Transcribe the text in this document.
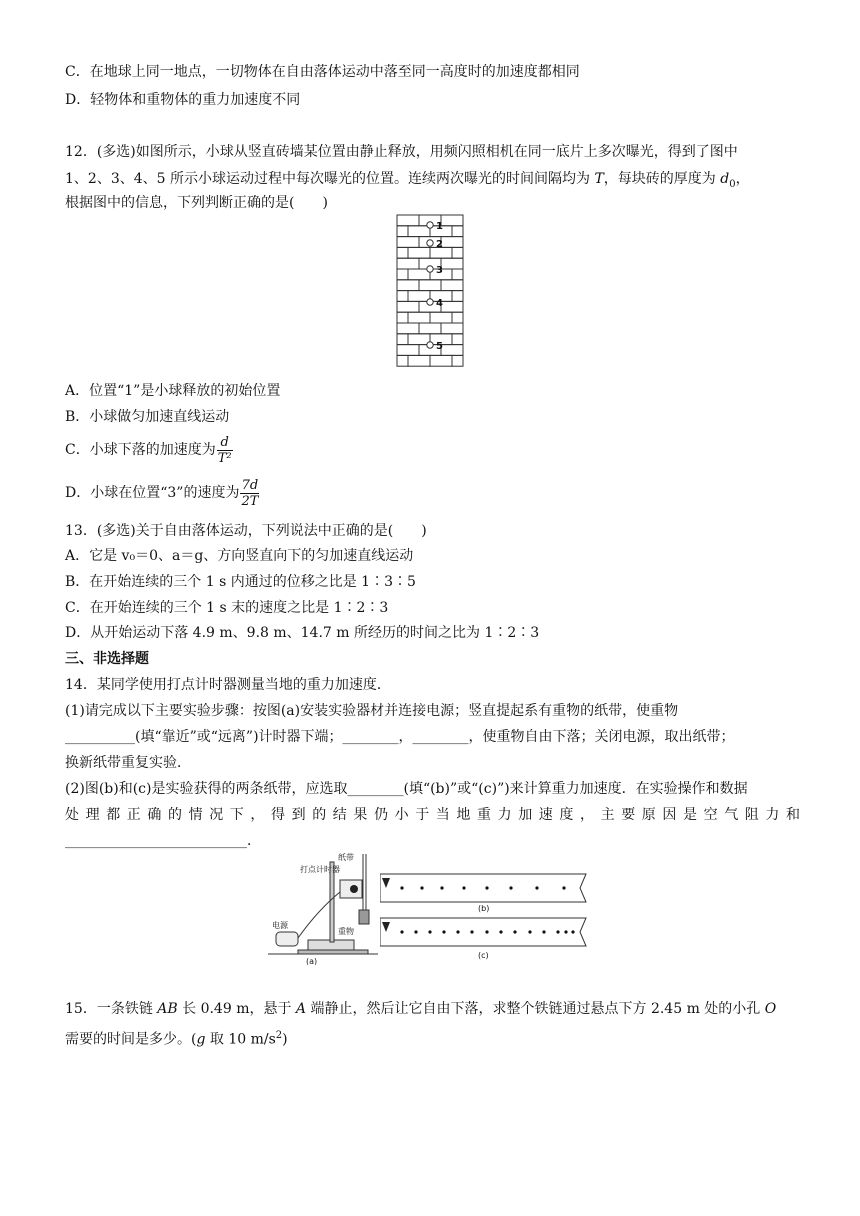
C．在地球上同一地点，一切物体在自由落体运动中落至同一高度时的加速度都相同
D．轻物体和重物体的重力加速度不同
12．(多选)如图所示，小球从竖直砖墙某位置由静止释放，用频闪照相机在同一底片上多次曝光，得到了图中
1、2、3、4、5 所示小球运动过程中每次曝光的位置。连续两次曝光的时间间隔均为 T，每块砖的厚度为 $d_0$，
根据图中的信息，下列判断正确的是(　　)
1
2
3
4
5
A．位置“1”是小球释放的初始位置
B．小球做匀加速直线运动
C．小球下落的加速度为 $\frac{d}{\text{T²}}$
D．小球在位置“3”的速度为 $\frac{7d}{2T}$
13．(多选)关于自由落体运动，下列说法中正确的是(　　)
A．它是 v₀＝0、a＝g、方向竖直向下的匀加速直线运动
B．在开始连续的三个 1 s 内通过的位移之比是 1∶3∶5
C．在开始连续的三个 1 s 末的速度之比是 1∶2∶3
D．从开始运动下落 4.9 m、9.8 m、14.7 m 所经历的时间之比为 1∶2∶3
三、非选择题
14．某同学使用打点计时器测量当地的重力加速度．
(1)请完成以下主要实验步骤：按图(a)安装实验器材并连接电源；竖直提起系有重物的纸带，使重物
__________(填“靠近”或“远离”)计时器下端；________，________，使重物自由下落；关闭电源，取出纸带；
换新纸带重复实验．
(2)图(b)和(c)是实验获得的两条纸带，应选取________(填“(b)”或“(c)”)来计算重力加速度．在实验操作和数据
处理都正确的情况下，得到的结果仍小于当地重力加速度，主要原因是空气阻力和
__________________________．
打点计时器
纸带
重物
电源
(a)
(b)
(c)
15．一条铁链 AB 长 0.49 m，悬于 A 端静止，然后让它自由下落，求整个铁链通过悬点下方 2.45 m 处的小孔 O
需要的时间是多少。(g 取 10 $m/s^2$)
